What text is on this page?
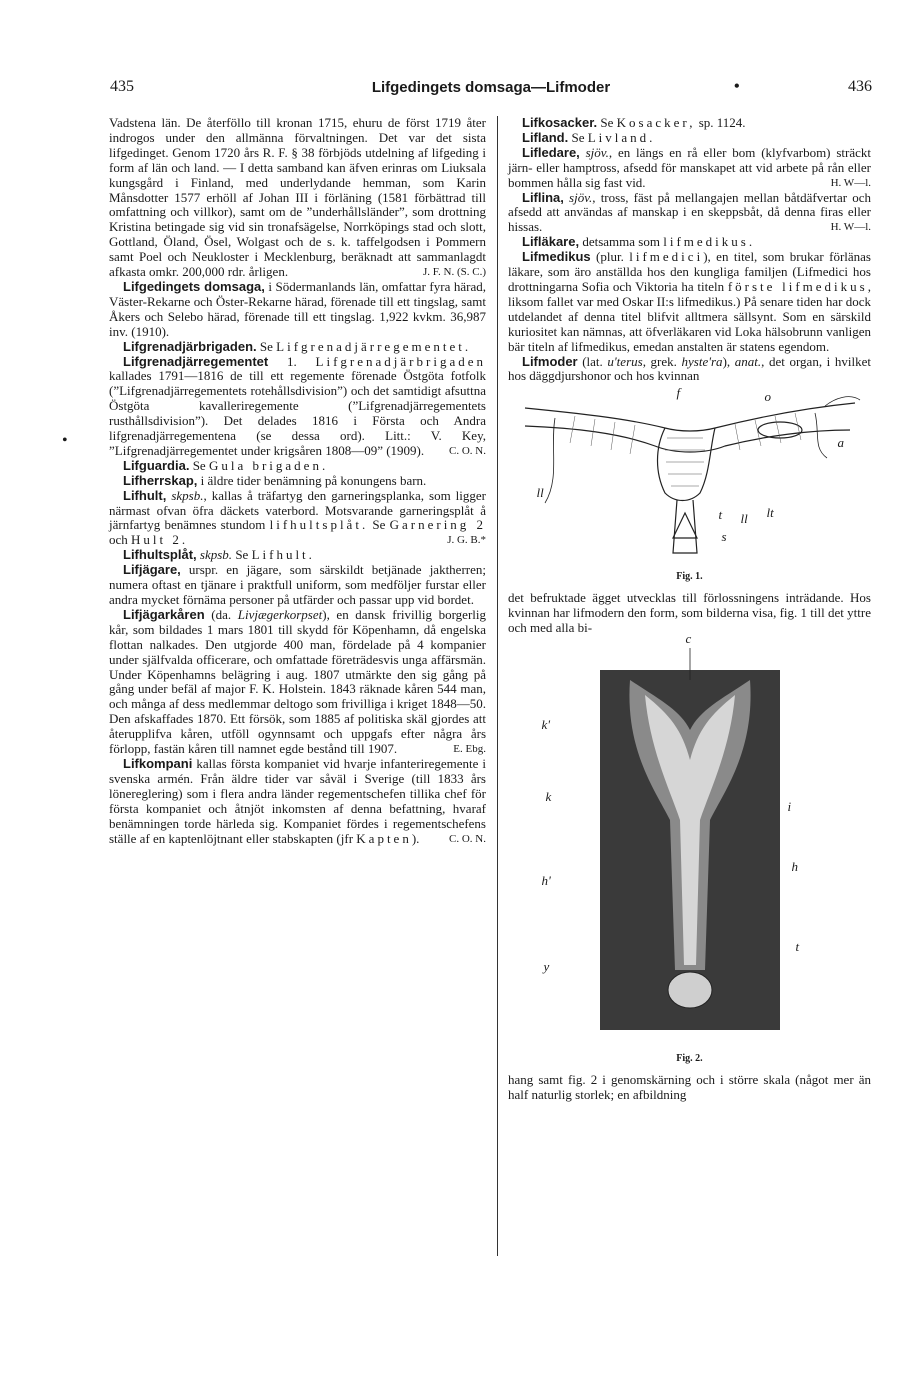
435	Lifgedingets domsaga—Lifmoder	•	436
•

Vadstena län. De återföllo till kronan 1715, ehuru de först 1719 åter indrogos under den allmänna förvaltningen. Det var det sista lifgedinget. Genom 1720 års R. F. § 38 förbjöds utdelning af lifgeding i form af län och land. — I detta samband kan äfven erinras om Liuksala kungsgård i Finland, med underlydande hemman, som Karin Månsdotter 1577 erhöll af Johan III i förläning (1581 förbättrad till omfattning och villkor), samt om de ”underhållsländer”, som drottning Kristina betingade sig vid sin tronafsägelse, Norrköpings stad och slott, Gottland, Öland, Ösel, Wolgast och de s. k. taffelgodsen i Pommern samt Poel och Neukloster i Mecklenburg, beräknadt att sammanlagdt afkasta omkr. 200,000 rdr. årligen.	J. F. N. (S. C.)

Lifgedingets domsaga, i Södermanlands län, omfattar fyra härad, Väster-Rekarne och Öster-Rekarne härad, förenade till ett tingslag, samt Åkers och Selebo härad, förenade till ett tingslag. 1,922 kvkm. 36,987 inv. (1910).

Lifgrenadjärbrigaden. Se Lifgrenadjärregementet.

Lifgrenadjärregementet 1. Lifgrenadjärbrigaden kallades 1791—1816 de till ett regemente förenade Östgöta fotfolk (”Lifgrenadjärregementets rotehållsdivision”) och det samtidigt afsuttna Östgöta kavalleriregemente (”Lifgrenadjärregementets rusthållsdivision”). Det delades 1816 i Första och Andra lifgrenadjärregementena (se dessa ord). Litt.: V. Key, ”Lifgrenadjärregementet under krigsåren 1808—09” (1909).	C. O. N.

Lifguardia. Se Gula brigaden.

Lifherrskap, i äldre tider benämning på konungens barn.

Lifhult, skpsb., kallas å träfartyg den garneringsplanka, som ligger närmast ofvan öfra däckets vaterbord. Motsvarande garneringsplåt å järnfartyg benämnes stundom lifhultsplåt. Se Garnering 2 och Hult 2.	J. G. B.*

Lifhultsplåt, skpsb. Se Lifhult.

Lifjägare, urspr. en jägare, som särskildt betjänade jaktherren; numera oftast en tjänare i praktfull uniform, som medföljer furstar eller andra mycket förnäma personer på utfärder och passar upp vid bordet.

Lifjägarkåren (da. Livjægerkorpset), en dansk frivillig borgerlig kår, som bildades 1 mars 1801 till skydd för Köpenhamn, då engelska flottan nalkades. Den utgjorde 400 man, fördelade på 4 kompanier under själfvalda officerare, och omfattade företrädesvis unga affärsmän. Under Köpenhamns belägring i aug. 1807 utmärkte den sig gång på gång under befäl af major F. K. Holstein. 1843 räknade kåren 544 man, och många af dess medlemmar deltogo som frivilliga i kriget 1848—50. Den afskaffades 1870. Ett försök, som 1885 af politiska skäl gjordes att återupplifva kåren, utföll ogynnsamt och uppgafs efter några års förlopp, fastän kåren till namnet egde bestånd till 1907.	E. Ebg.

Lifkompani kallas första kompaniet vid hvarje infanteriregemente i svenska armén. Från äldre tider var såväl i Sverige (till 1833 års lönereglering) som i flera andra länder regementschefen tillika chef för första kompaniet och åtnjöt inkomsten af denna befattning, hvaraf benämningen torde härleda sig. Kompaniet fördes i regementschefens ställe af en kaptenlöjtnant eller stabskapten (jfr Kapten).	C. O. N.

Lifkosacker. Se Kosacker, sp. 1124.

Lifland. Se Livland.

Lifledare, sjöv., en längs en rå eller bom (klyfvarbom) sträckt järn- eller hamptross, afsedd för manskapet att vid arbete på rån eller bommen hålla sig fast vid.	H. W—l.

Liflina, sjöv., tross, fäst på mellangajen mellan båtdäfvertar och afsedd att användas af manskap i en skeppsbåt, då denna firas eller hissas.	H. W—l.

Lifläkare, detsamma som lifmedikus.

Lifmedikus (plur. lifmedici), en titel, som brukar förlänas läkare, som äro anställda hos den kungliga familjen (Lifmedici hos drottningarna Sofia och Viktoria ha titeln förste lifmedikus, liksom fallet var med Oskar II:s lifmedikus.) På senare tiden har dock utdelandet af denna titel blifvit alltmera sällsynt. Som en särskild kuriositet kan nämnas, att öfverläkaren vid Loka hälsobrunn vanligen bär titeln af lifmedikus, emedan anstalten är statens egendom.

Lifmoder (lat. u'terus, grek. hyste'ra), anat., det organ, i hvilket hos däggdjurshonor och hos kvinnan

f	o
a
ll
t ll lt
s
Fig. 1.

det befruktade ägget utvecklas till förlossningens inträdande. Hos kvinnan har lifmodern den form, som bilderna visa, fig. 1 till det yttre och med alla bi-

c
k'
k
i
h
h'
t
y
Fig. 2.

hang samt fig. 2 i genomskärning och i större skala (något mer än half naturlig storlek; en afbildning
